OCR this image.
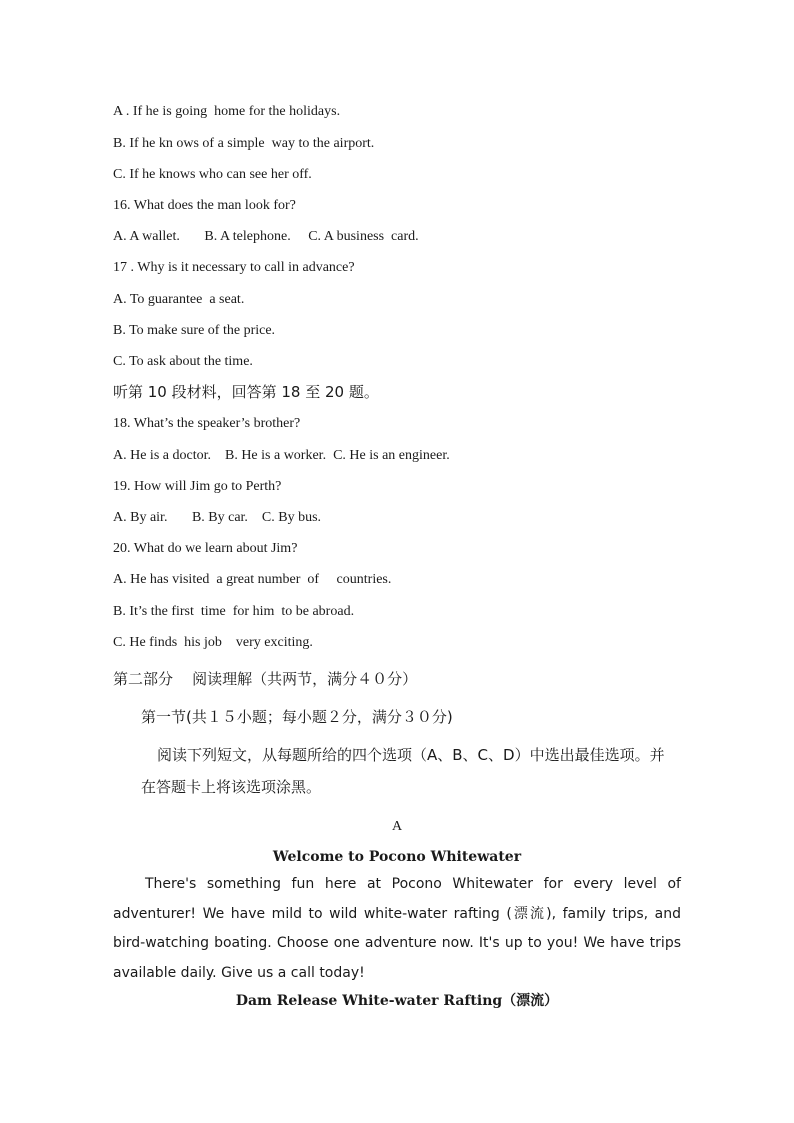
A . If he is going  home for the holidays.
B. If he kn ows of a simple  way to the airport.
C. If he knows who can see her off.
16. What does the man look for?
A. A wallet.       B. A telephone.     C. A business  card.
17 . Why is it necessary to call in advance?
A. To guarantee  a seat.
B. To make sure of the price.
C. To ask about the time.
听第 10 段材料，回答第 18 至 20 题。
18. What’s the speaker’s brother?
A. He is a doctor.    B. He is a worker.  C. He is an engineer.
19. How will Jim go to Perth?
A. By air.       B. By car.    C. By bus.
20. What do we learn about Jim?
A. He has visited  a great number  of     countries.
B. It’s the first  time  for him  to be abroad.
C. He finds  his job    very exciting.
第二部分    阅读理解（共两节，满分４０分）
第一节(共１５小题；每小题２分，满分３０分)
阅读下列短文，从每题所给的四个选项（A、B、C、D）中选出最佳选项。并
在答题卡上将该选项涂黑。
A
Welcome to Pocono Whitewater
There's something fun here at Pocono Whitewater for every level of adventurer! We have mild to wild white-water rafting (漂流), family trips, and bird-watching boating. Choose one adventure now. It's up to you! We have trips available daily. Give us a call today!
Dam Release White-water Rafting（漂流）
